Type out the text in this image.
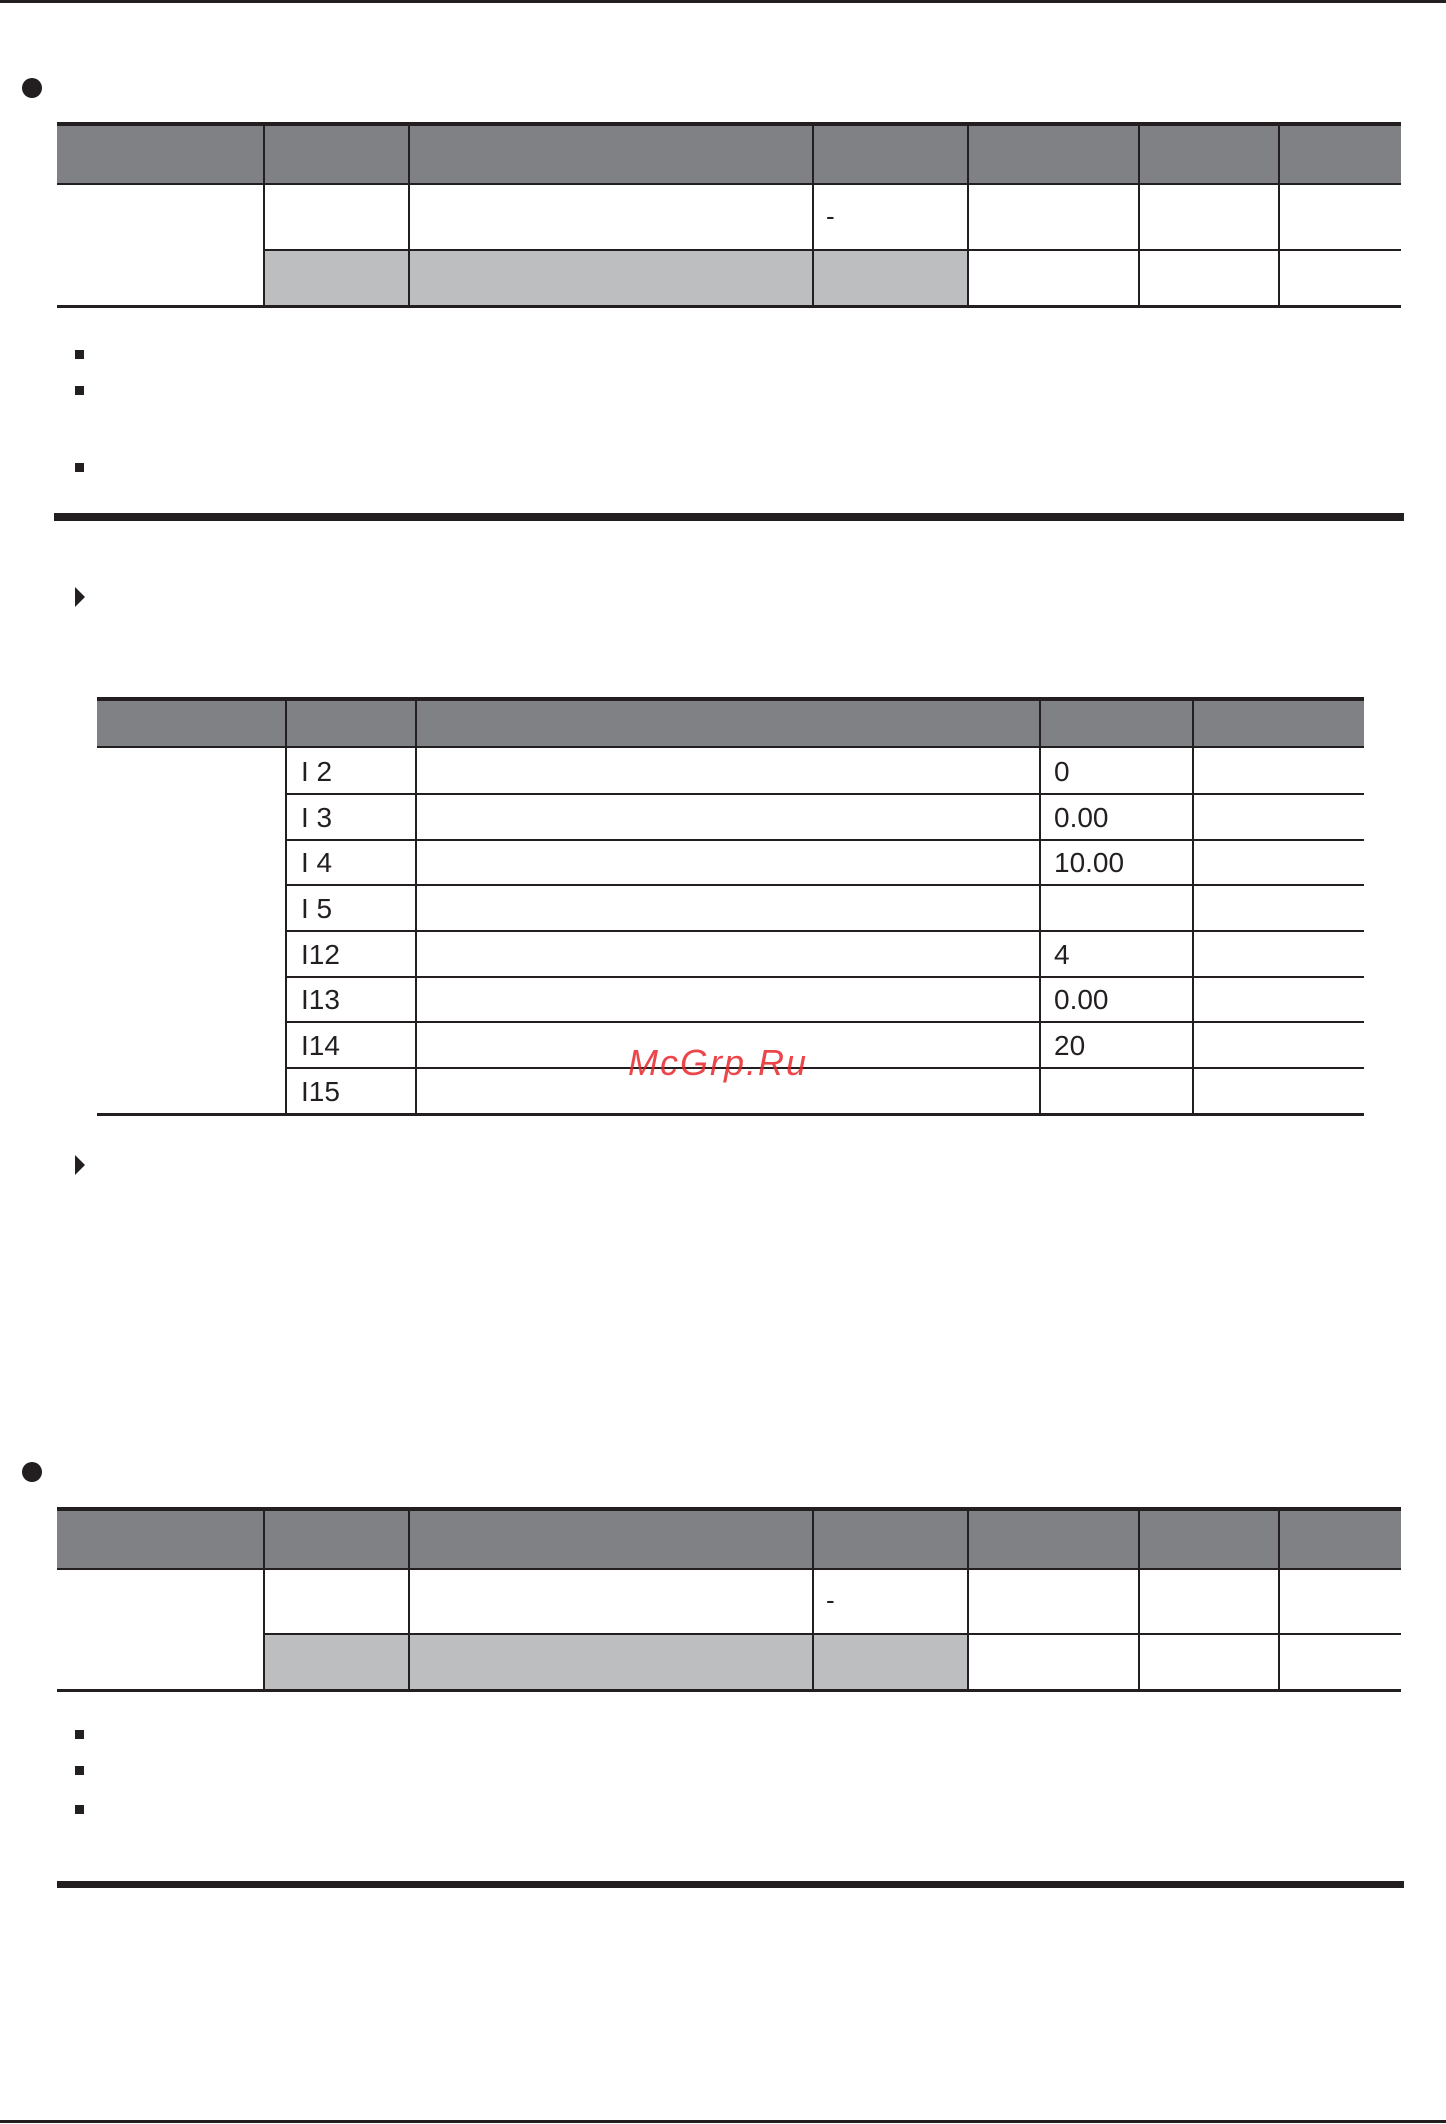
-
I 2
I 3
I 4
I 5
I12
I13
I14
I15
0
0.00
10.00
4
0.00
20
McGrp.Ru
-
